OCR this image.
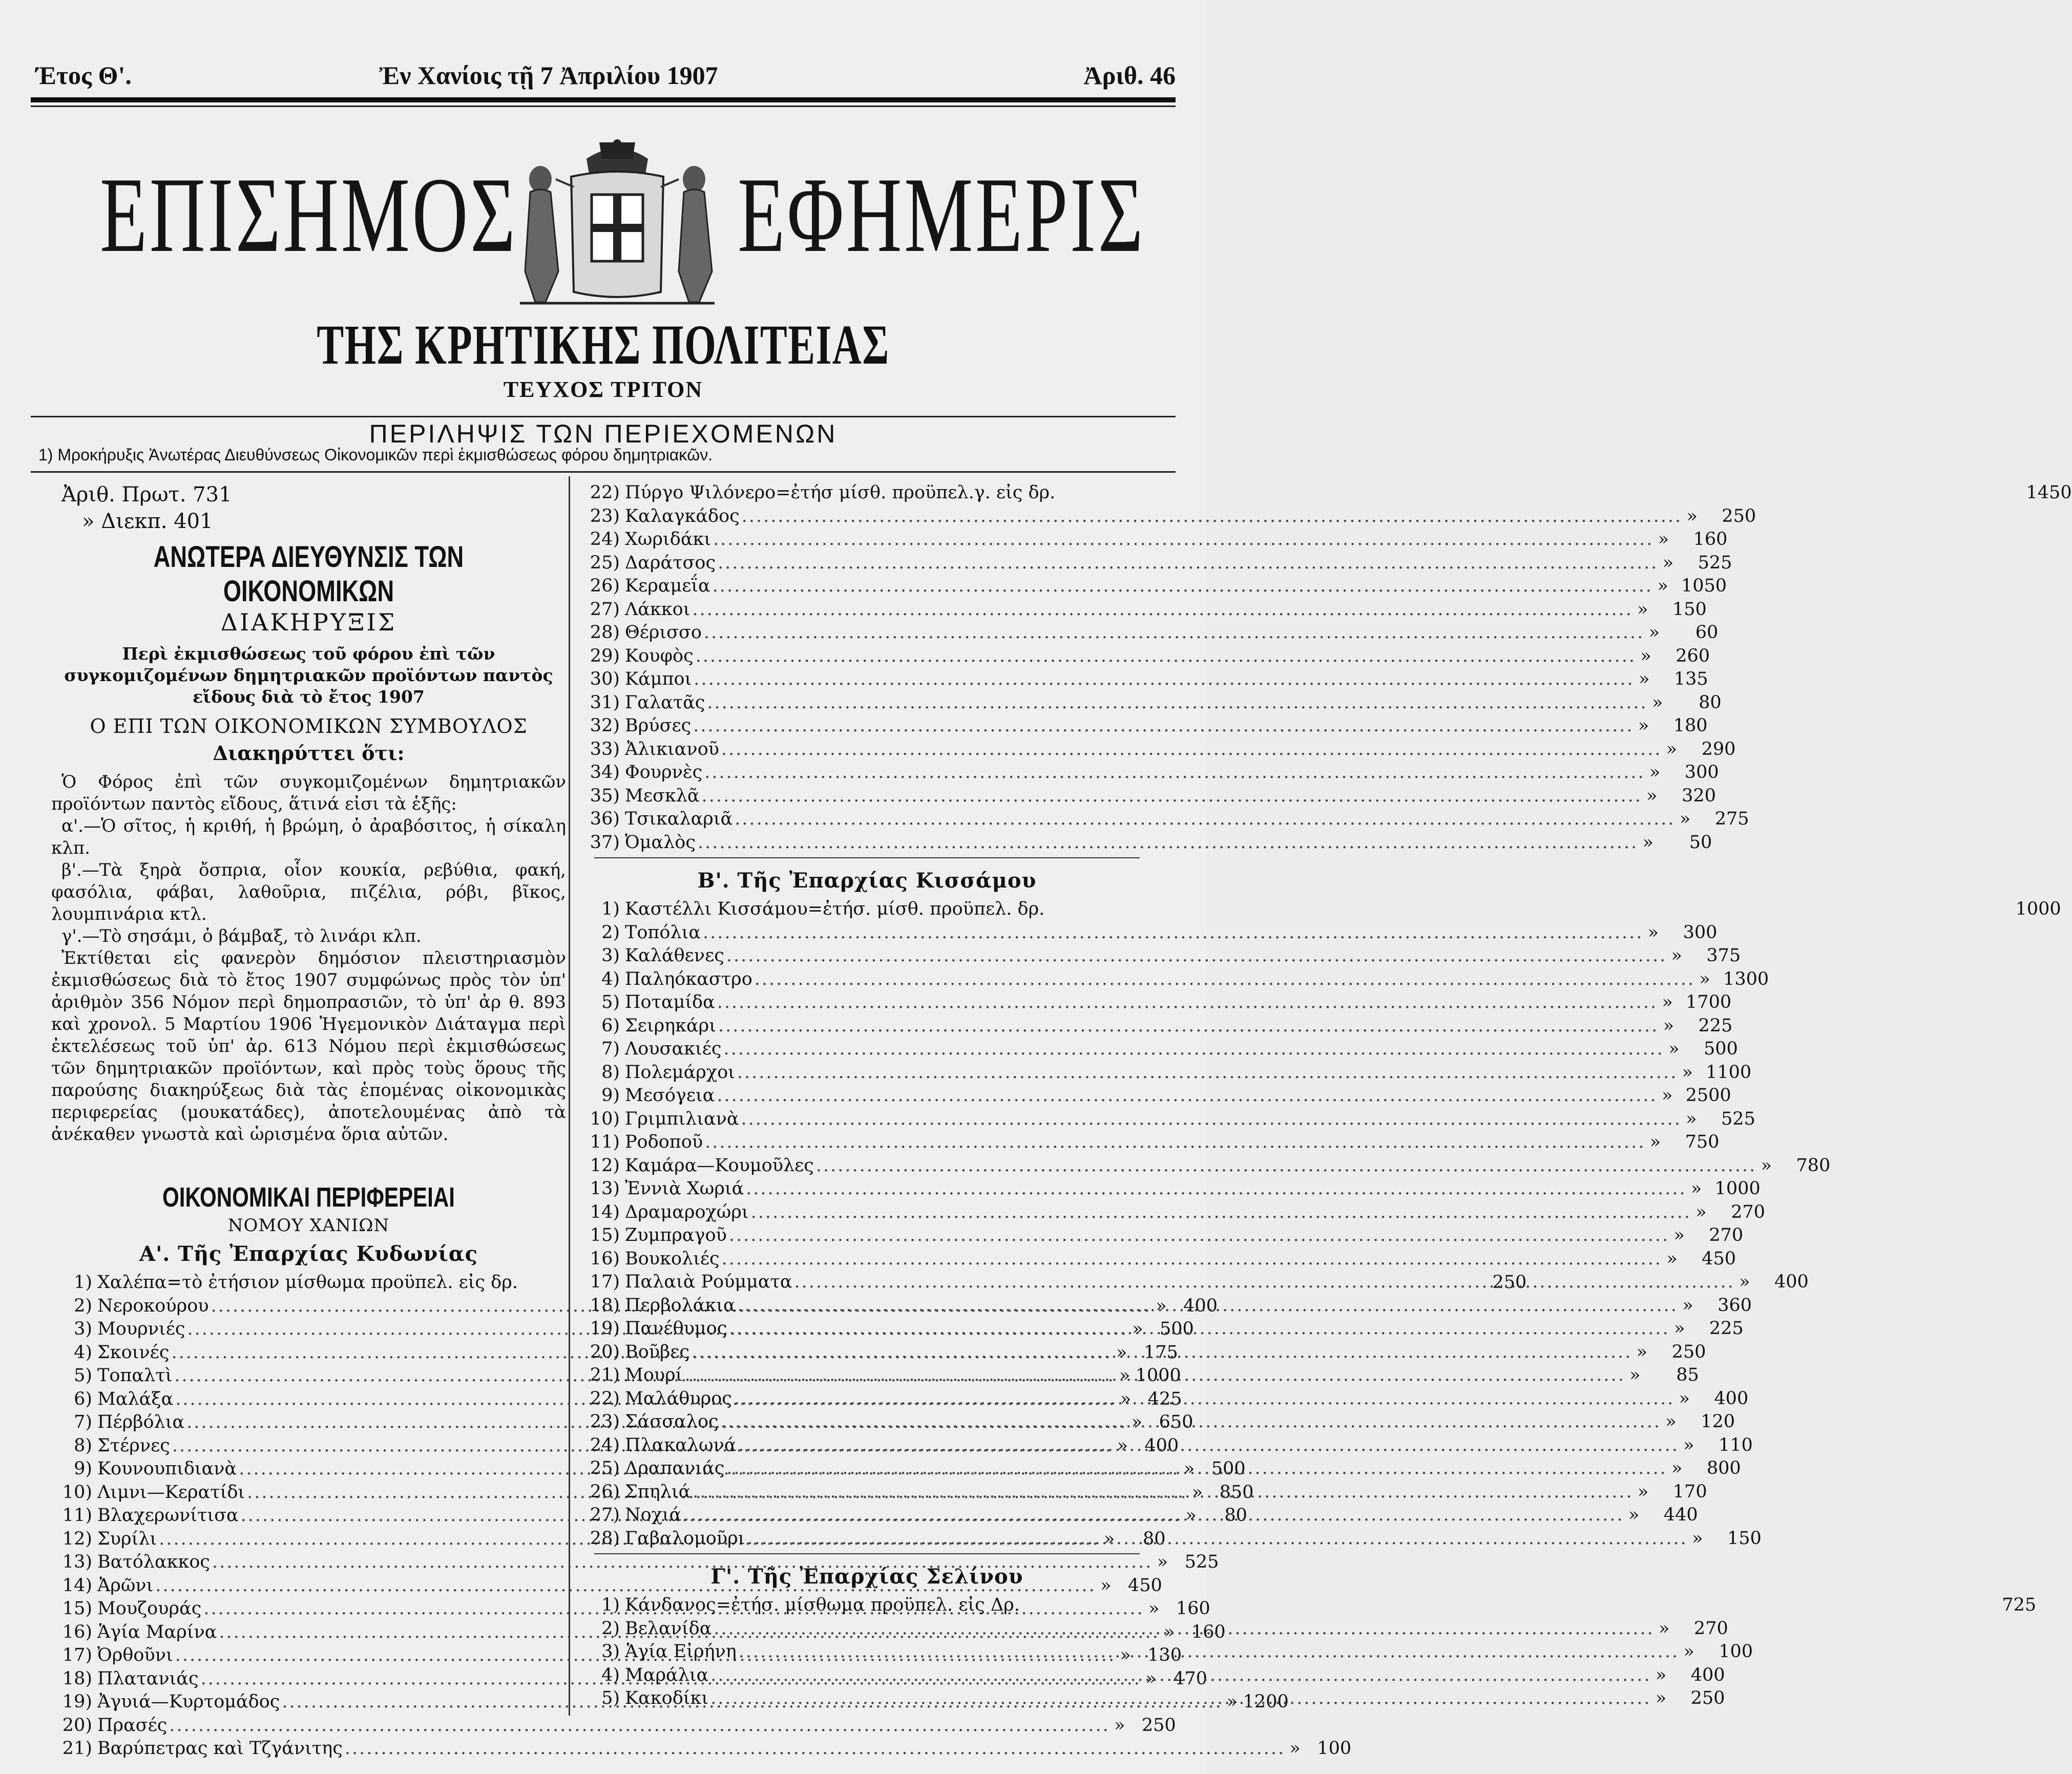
Έτος Θ'.	Ἐν Χανίοις τῇ 7 Ἀπριλίου 1907	Ἀριθ. 46
ΕΠΙΣΗΜΟΣ ΕΦΗΜΕΡΙΣ
ΤΗΣ ΚΡΗΤΙΚΗΣ ΠΟΛΙΤΕΙΑΣ
ΤΕΥΧΟΣ ΤΡΙΤΟΝ
ΠΕΡΙΛΗΨΙΣ ΤΩΝ ΠΕΡΙΕΧΟΜΕΝΩΝ
1) Μροκήρυξις Ἀνωτέρας Διευθύνσεως Οἰκονομικῶν περὶ ἐκμισθώσεως φόρου δημητριακῶν.
Ἀριθ. Πρωτ. 731
» Διεκπ. 401
ΑΝΩΤΕΡΑ ΔΙΕΥΘΥΝΣΙΣ ΤΩΝ ΟΙΚΟΝΟΜΙΚΩΝ
ΔΙΑΚΗΡΥΞΙΣ
Περὶ ἐκμισθώσεως τοῦ φόρου ἐπὶ τῶν συγκομιζομένων δημητριακῶν προϊόντων παντὸς εἴδους διὰ τὸ ἔτος 1907
Ο ΕΠΙ ΤΩΝ ΟΙΚΟΝΟΜΙΚΩΝ ΣΥΜΒΟΥΛΟΣ
Διακηρύττει ὅτι:

Ὁ Φόρος ἐπὶ τῶν συγκομιζομένων δημητριακῶν προϊόντων παντὸς εἴδους, ἅτινά εἰσι τὰ ἑξῆς:

α'.—Ὁ σῖτος, ἡ κριθή, ἡ βρώμη, ὁ ἀραβόσιτος, ἡ σίκαλη κλπ.

β'.—Τὰ ξηρὰ ὄσπρια, οἷον κουκία, ρεβύθια, φακή, φασόλια, φάβαι, λαθοῦρια, πιζέλια, ρόβι, βῖκος, λουμπινάρια κτλ.

γ'.—Τὸ σησάμι, ὁ βάμβαξ, τὸ λινάρι κλπ.

Ἐκτίθεται εἰς φανερὸν δημόσιον πλειστηριασμὸν ἐκμισθώσεως διὰ τὸ ἔτος 1907 συμφώνως πρὸς τὸν ὑπ' ἀριθμὸν 356 Νόμον περὶ δημοπρασιῶν, τὸ ὑπ' ἀρ θ. 893 καὶ χρονολ. 5 Μαρτίου 1906 Ἡγεμονικὸν Διάταγμα περὶ ἐκτελέσεως τοῦ ὑπ' ἀρ. 613 Νόμου περὶ ἐκμισθώσεως τῶν δημητριακῶν προϊόντων, καὶ πρὸς τοὺς ὅρους τῆς παρούσης διακηρύξεως διὰ τὰς ἑπομένας οἰκονομικὰς περιφερείας (μουκατάδες), ἀποτελουμένας ἀπὸ τὰ ἀνέκαθεν γνωστὰ καὶ ὡρισμένα ὅρια αὐτῶν.

ΟΙΚΟΝΟΜΙΚΑΙ ΠΕΡΙΦΕΡΕΙΑΙ
ΝΟΜΟΥ ΧΑΝΙΩΝ
Α'. Τῆς Ἐπαρχίας Κυδωνίας
1) Χαλέπα=τὸ ἐτήσιον μίσθωμα προϋπελ. εἰς δρ.	250
2) Νεροκούρου .....	» 400
3) Μουρνιές .....	» 500
4) Σκοινές .....	» 175
5) Τοπαλτὶ .....	» 1000
6) Μαλάξα .....	» 425
7) Πέρβόλια .....	» 650
8) Στέρνες .....	» 400
9) Κουνουπιδιανὰ .....	» 500
10) Λιμνι—Κερατίδι .....	» 850
11) Βλαχερωνίτισα .....	»	80
12) Συρίλι .....	»	80
13) Βατόλακκος .....	» 525
14) Ἀρῶνι .....	» 450
15) Μουζουράς .....	» 160
16) Ἁγία Μαρίνα .....	» 160
17) Ὀρθοῦνι .....	» 130
18) Πλατανιάς .....	» 470
19) Ἀγυιά—Κυρτομάδος .....	» 1200
20) Πρασές .....	» 250
21) Βαρύπετρας καὶ Τζγάνιτης .....	» 100
22) Πύργο Ψιλόνερο=ἐτήσ μίσθ. προϋπελ.γ. εἰς δρ.	1450
23) Καλαγκάδος .....	»	250
24) Χωριδάκι .....	»	160
25) Δαράτσος .....	»	525
26) Κεραμεΐα .....	» 1050
27) Λάκκοι .....	»	150
28) Θέρισσο .....	»	60
29) Κουφὸς .....	»	260
30) Κάμποι .....	»	135
31) Γαλατᾶς .....	»	80
32) Βρύσες .....	»	180
33) Ἀλικιανοῦ .....	»	290
34) Φουρνὲς .....	»	300
35) Μεσκλᾶ .....	»	320
36) Τσικαλαριᾶ .....	»	275
37) Ὀμαλὸς .....	»	50
Β'. Τῆς Ἐπαρχίας Κισσάμου
1) Καστέλλι Κισσάμου=ἐτήσ. μίσθ. προϋπελ. δρ.	1000
2) Τοπόλια .....	»	300
3) Καλάθενες .....	»	375
4) Παληόκαστρο .....	» 1300
5) Ποταμίδα .....	» 1700
6) Σειρηκάρι .....	»	225
7) Λουσακιές .....	»	500
8) Πολεμάρχοι .....	» 1100
9) Μεσόγεια .....	» 2500
10) Γριμπιλιανὰ .....	»	525
11) Ροδοποῦ .....	»	750
12) Καμάρα—Κουμοῦλες .....	»	780
13) Ἐννιὰ Χωριά .....	» 1000
14) Δραμαροχώρι .....	»	270
15) Ζυμπραγοῦ .....	»	270
16) Βουκολιές .....	»	450
17) Παλαιὰ Ρούμματα .....	»	400
18) Περβολάκια .....	»	360
19) Πανέθυμος .....	»	225
20) Βοῦβες .....	»	250
21) Μουρί .....	»	85
22) Μαλάθυρος .....	»	400
23) Σάσσαλος .....	»	120
24) Πλακαλωνά .....	»	110
25) Δραπανιάς .....	»	800
26) Σπηλιά .....	»	170
27) Νοχιά .....	»	440
28) Γαβαλομοῦρι .....	»	150
Γ'. Τῆς Ἐπαρχίας Σελίνου
1) Κάνδανος=ἐτήσ. μίσθωμα προϋπελ. εἰς Δρ.	725
2) Βελανίδα .....	»	270
3) Ἁγία Εἰρήνη .....	»	100
4) Μαράλια .....	»	400
5) Κακοδίκι .....	»	250
